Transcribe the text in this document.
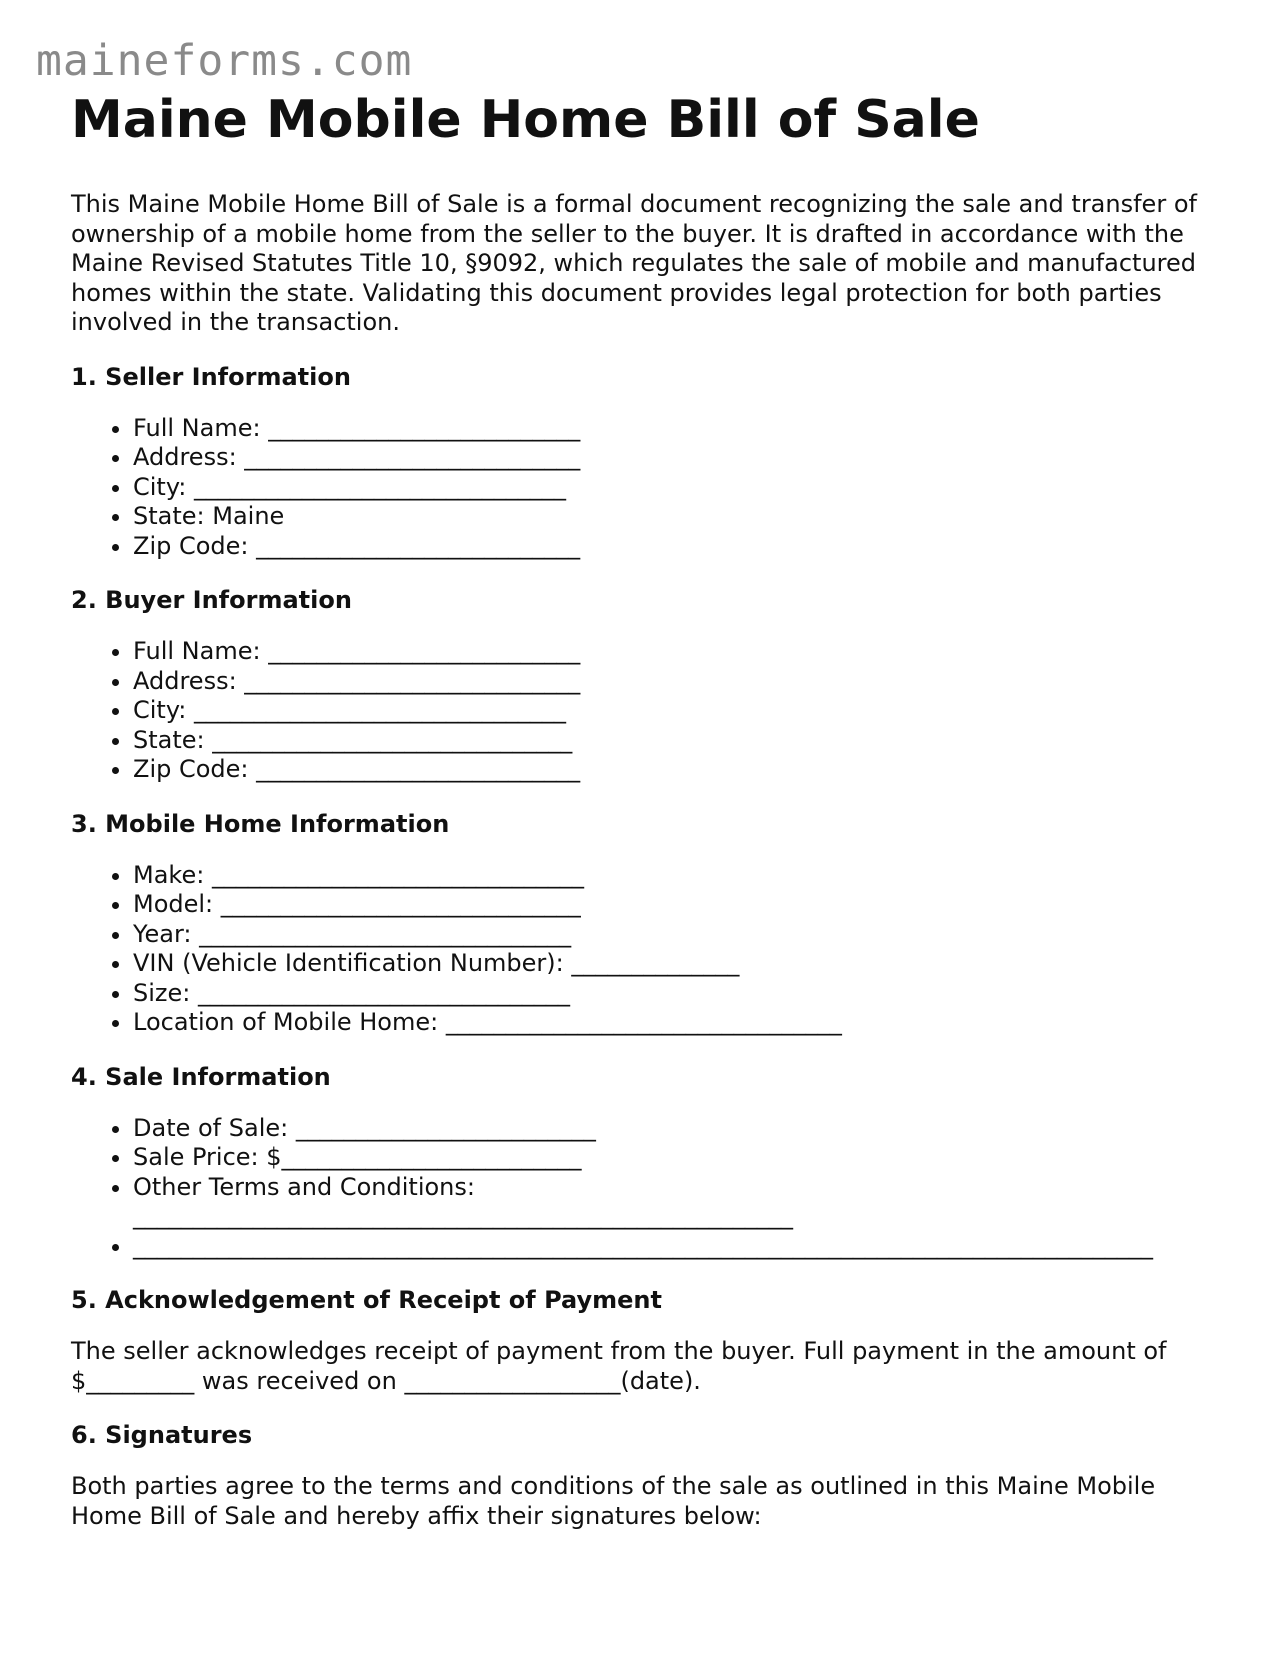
maineforms.com
Maine Mobile Home Bill of Sale

This Maine Mobile Home Bill of Sale is a formal document recognizing the sale and transfer of ownership of a mobile home from the seller to the buyer. It is drafted in accordance with the Maine Revised Statutes Title 10, §9092, which regulates the sale of mobile and manufactured homes within the state. Validating this document provides legal protection for both parties involved in the transaction.

1. Seller Information
• Full Name: __________________________
• Address: ____________________________
• City: _______________________________
• State: Maine
• Zip Code: ___________________________
2. Buyer Information
• Full Name: __________________________
• Address: ____________________________
• City: _______________________________
• State: ______________________________
• Zip Code: ___________________________
3. Mobile Home Information
• Make: _______________________________
• Model: ______________________________
• Year: _______________________________
• VIN (Vehicle Identification Number): ______________
• Size: _______________________________
• Location of Mobile Home: _________________________________
4. Sale Information
• Date of Sale: _________________________
• Sale Price: $_________________________
• Other Terms and Conditions: _______________________________________________________
• _____________________________________________________________________________________
5. Acknowledgement of Receipt of Payment

The seller acknowledges receipt of payment from the buyer. Full payment in the amount of $_________ was received on __________________(date).

6. Signatures

Both parties agree to the terms and conditions of the sale as outlined in this Maine Mobile Home Bill of Sale and hereby affix their signatures below:
